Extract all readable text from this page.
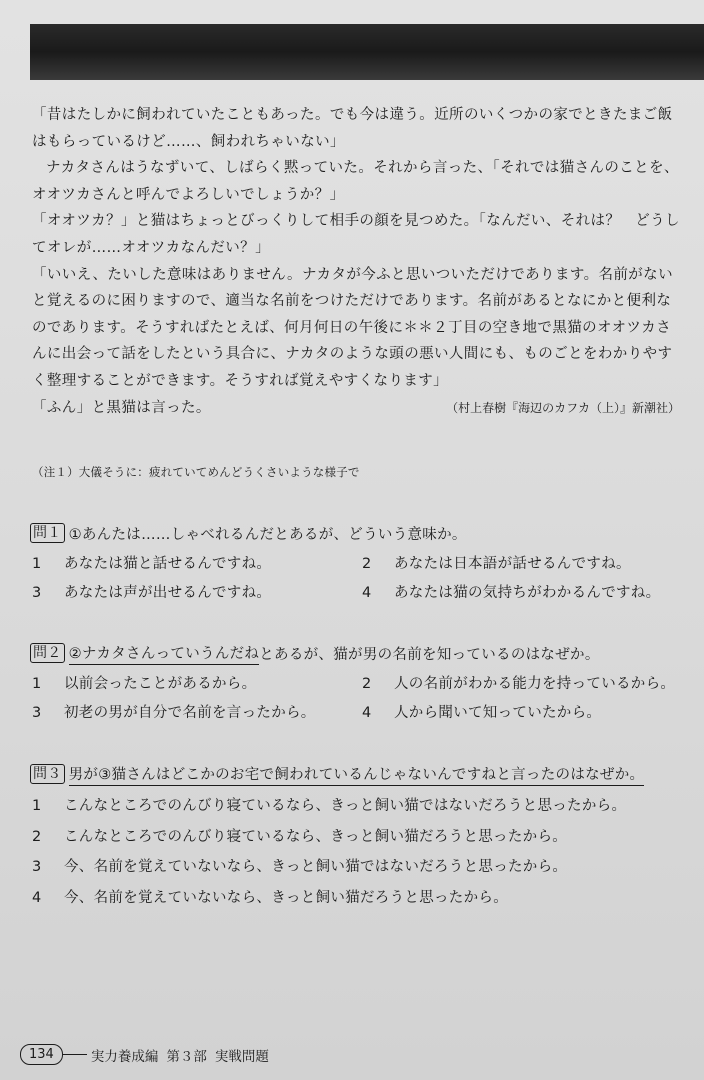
「昔はたしかに飼われていたこともあった。でも今は違う。近所のいくつかの家でときたまご飯はもらっているけど……、飼われちゃいない」

ナカタさんはうなずいて、しばらく黙っていた。それから言った、「それでは猫さんのことを、オオツカさんと呼んでよろしいでしょうか？」

「オオツカ？」と猫はちょっとびっくりして相手の顔を見つめた。「なんだい、それは？　どうしてオレが……オオツカなんだい？」

「いいえ、たいした意味はありません。ナカタが今ふと思いついただけであります。名前がないと覚えるのに困りますので、適当な名前をつけただけであります。名前があるとなにかと便利なのであります。そうすればたとえば、何月何日の午後に＊＊２丁目の空き地で黒猫のオオツカさんに出会って話をしたという具合に、ナカタのような頭の悪い人間にも、ものごとをわかりやすく整理することができます。そうすれば覚えやすくなります」

「ふん」と黒猫は言った。	（村上春樹『海辺のカフカ（上）』新潮社）
（注１）大儀そうに：疲れていてめんどうくさいような様子で
問１ ①あんたは……しゃべれるんだとあるが、どういう意味か。
1 あなたは猫と話せるんですね。	2 あなたは日本語が話せるんですね。
3 あなたは声が出せるんですね。	4 あなたは猫の気持ちがわかるんですね。
問２ ②ナカタさんっていうんだね とあるが、猫が男の名前を知っているのはなぜか。
1 以前会ったことがあるから。	2 人の名前がわかる能力を持っているから。
3 初老の男が自分で名前を言ったから。	4 人から聞いて知っていたから。
問３ 男が ③猫さんはどこかのお宅で飼われているんじゃないんですね と言ったのはなぜか。
1 こんなところでのんびり寝ているなら、きっと飼い猫ではないだろうと思ったから。
2 こんなところでのんびり寝ているなら、きっと飼い猫だろうと思ったから。
3 今、名前を覚えていないなら、きっと飼い猫ではないだろうと思ったから。
4 今、名前を覚えていないなら、きっと飼い猫だろうと思ったから。
134	実力養成編 第３部 実戦問題
